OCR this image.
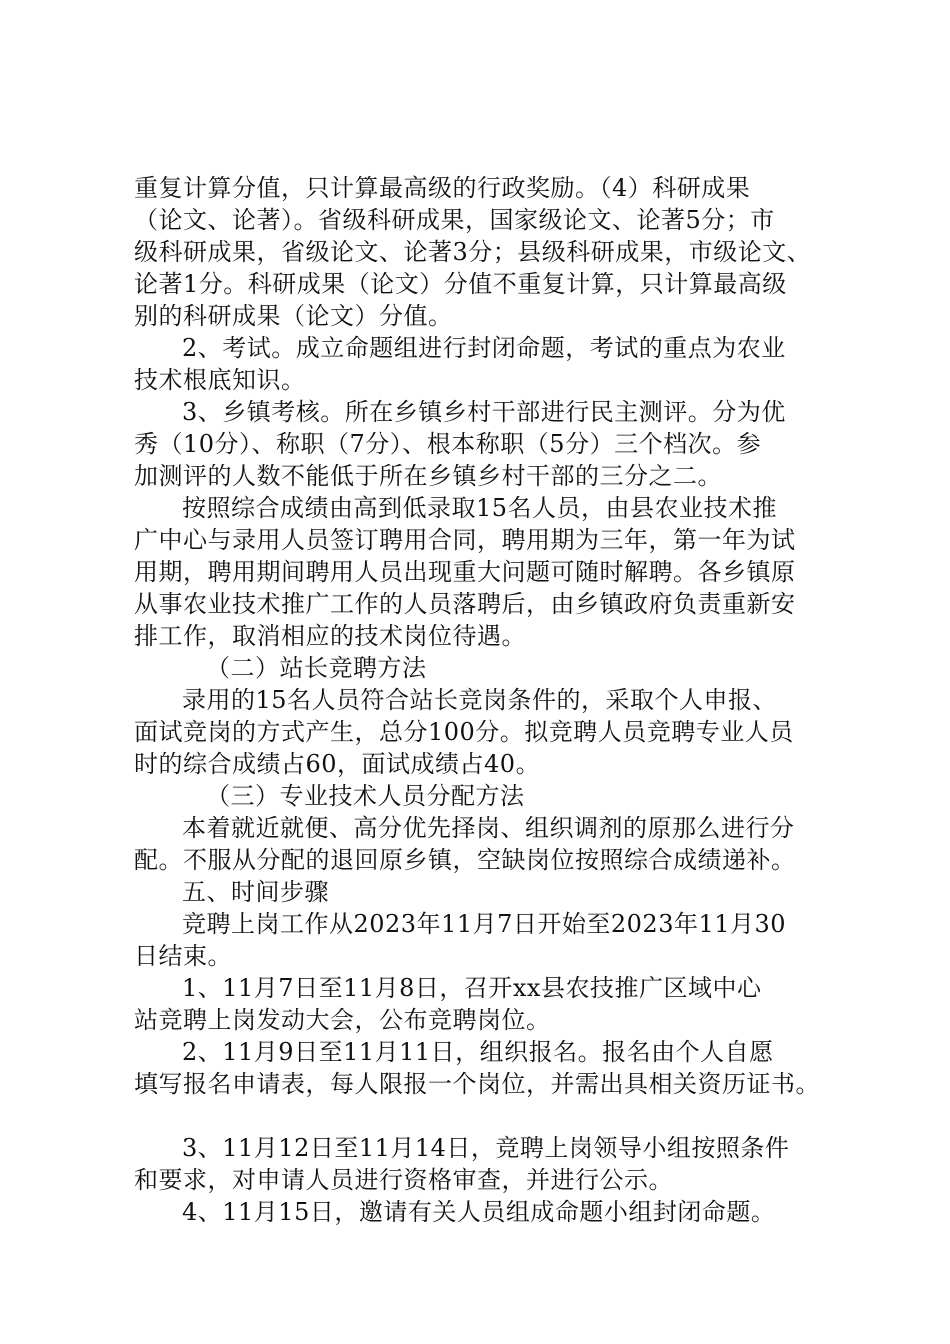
重复计算分值，只计算最高级的行政奖励。（4）科研成果
（论文、论著）。省级科研成果，国家级论文、论著5分；市
级科研成果，省级论文、论著3分；县级科研成果，市级论文、
论著1分。科研成果（论文）分值不重复计算，只计算最高级
别的科研成果（论文）分值。
2、考试。成立命题组进行封闭命题，考试的重点为农业
技术根底知识。
3、乡镇考核。所在乡镇乡村干部进行民主测评。分为优
秀（10分）、称职（7分）、根本称职（5分）三个档次。参
加测评的人数不能低于所在乡镇乡村干部的三分之二。
按照综合成绩由高到低录取15名人员，由县农业技术推
广中心与录用人员签订聘用合同，聘用期为三年，第一年为试
用期，聘用期间聘用人员出现重大问题可随时解聘。各乡镇原
从事农业技术推广工作的人员落聘后，由乡镇政府负责重新安
排工作，取消相应的技术岗位待遇。
（二）站长竞聘方法
录用的15名人员符合站长竞岗条件的，采取个人申报、
面试竞岗的方式产生，总分100分。拟竞聘人员竞聘专业人员
时的综合成绩占60，面试成绩占40。
（三）专业技术人员分配方法
本着就近就便、高分优先择岗、组织调剂的原那么进行分
配。不服从分配的退回原乡镇，空缺岗位按照综合成绩递补。
五、时间步骤
竞聘上岗工作从2023年11月7日开始至2023年11月30
日结束。
1、11月7日至11月8日，召开xx县农技推广区域中心
站竞聘上岗发动大会，公布竞聘岗位。
2、11月9日至11月11日，组织报名。报名由个人自愿
填写报名申请表，每人限报一个岗位，并需出具相关资历证书。
3、11月12日至11月14日，竞聘上岗领导小组按照条件
和要求，对申请人员进行资格审查，并进行公示。
4、11月15日，邀请有关人员组成命题小组封闭命题。
